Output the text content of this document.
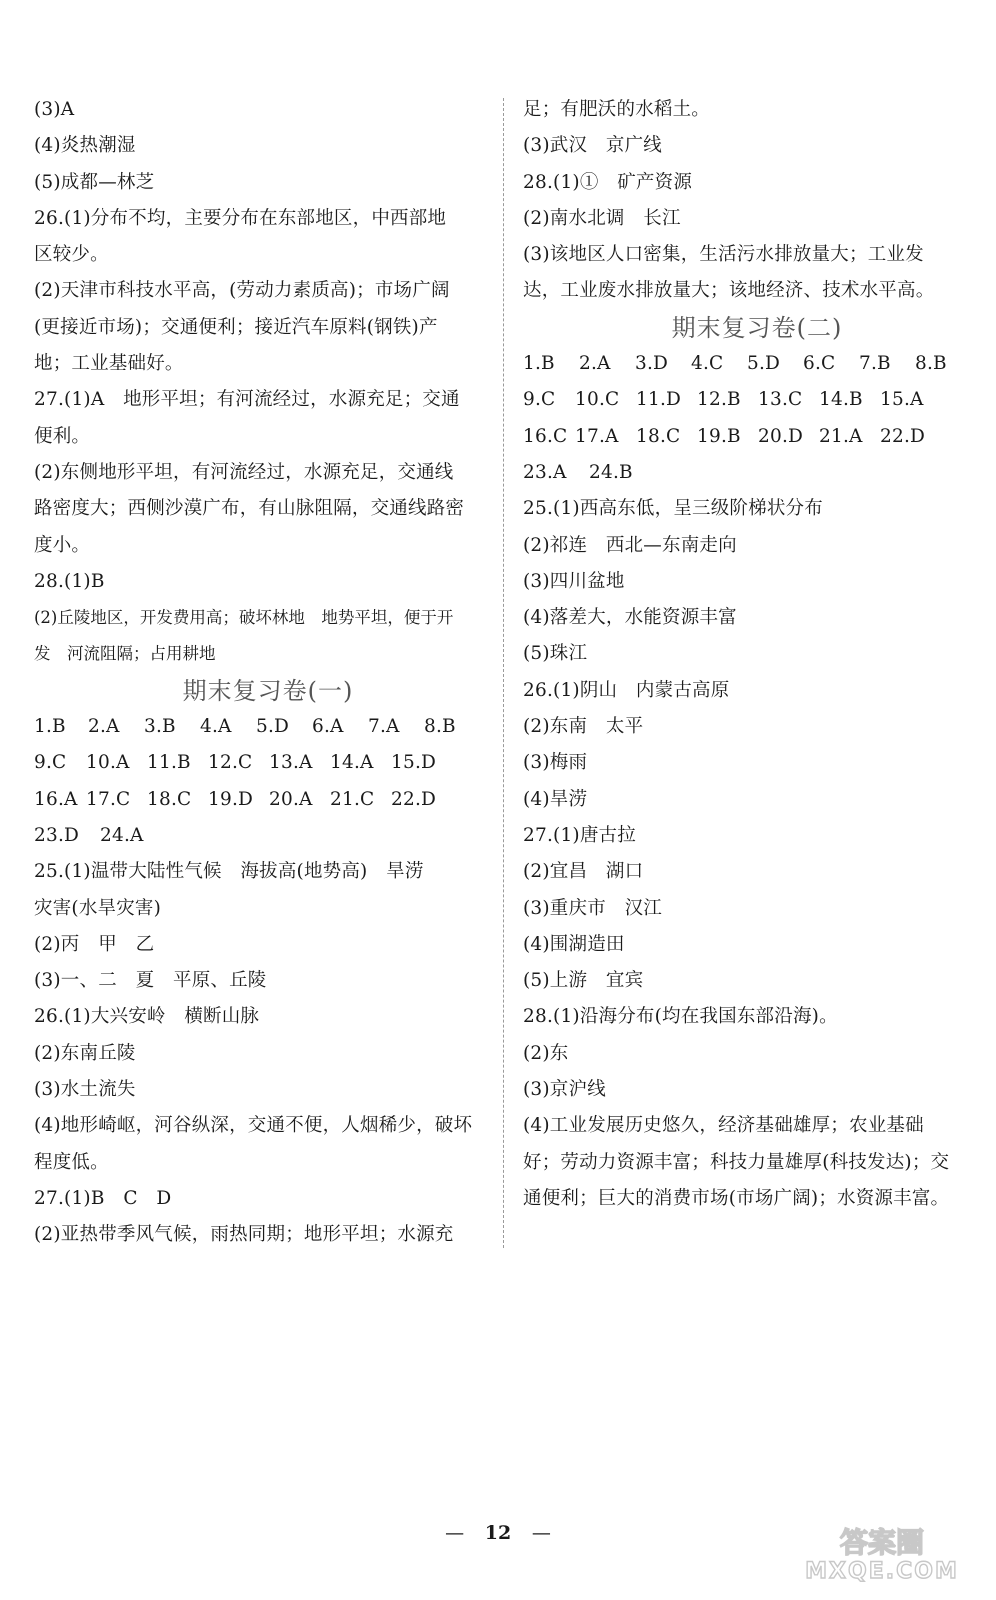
(3)A
(4)炎热潮湿
(5)成都—林芝
26.(1)分布不均，主要分布在东部地区，中西部地
区较少。
(2)天津市科技水平高，(劳动力素质高)；市场广阔
(更接近市场)；交通便利；接近汽车原料(钢铁)产
地；工业基础好。
27.(1)A　地形平坦；有河流经过，水源充足；交通
便利。
(2)东侧地形平坦，有河流经过，水源充足，交通线
路密度大；西侧沙漠广布，有山脉阻隔，交通线路密
度小。
28.(1)B
(2)丘陵地区，开发费用高；破坏林地　地势平坦，便于开
发　河流阻隔；占用耕地
期末复习卷(一)
1.B	2.A	3.B	4.A	5.D	6.A	7.A	8.B
9.C	10.A 11.B 12.C 13.A 14.A 15.D
16.A 17.C 18.C 19.D 20.A 21.C 22.D
23.D	24.A
25.(1)温带大陆性气候　海拔高(地势高)　旱涝
灾害(水旱灾害)
(2)丙　甲　乙
(3)一、二　夏　平原、丘陵
26.(1)大兴安岭　横断山脉
(2)东南丘陵
(3)水土流失
(4)地形崎岖，河谷纵深，交通不便，人烟稀少，破坏
程度低。
27.(1)B　C　D
(2)亚热带季风气候，雨热同期；地形平坦；水源充
足；有肥沃的水稻土。
(3)武汉　京广线
28.(1)①　矿产资源
(2)南水北调　长江
(3)该地区人口密集，生活污水排放量大；工业发
达，工业废水排放量大；该地经济、技术水平高。
期末复习卷(二)
1.B	2.A	3.D	4.C	5.D	6.C	7.B	8.B
9.C	10.C 11.D 12.B 13.C 14.B 15.A
16.C 17.A 18.C 19.B 20.D 21.A 22.D
23.A	24.B
25.(1)西高东低，呈三级阶梯状分布
(2)祁连　西北—东南走向
(3)四川盆地
(4)落差大，水能资源丰富
(5)珠江
26.(1)阴山　内蒙古高原
(2)东南　太平
(3)梅雨
(4)旱涝
27.(1)唐古拉
(2)宜昌　湖口
(3)重庆市　汉江
(4)围湖造田
(5)上游　宜宾
28.(1)沿海分布(均在我国东部沿海)。
(2)东
(3)京沪线
(4)工业发展历史悠久，经济基础雄厚；农业基础
好；劳动力资源丰富；科技力量雄厚(科技发达)；交
通便利；巨大的消费市场(市场广阔)；水资源丰富。
— 12 —	答案圈
MXQE.COM
